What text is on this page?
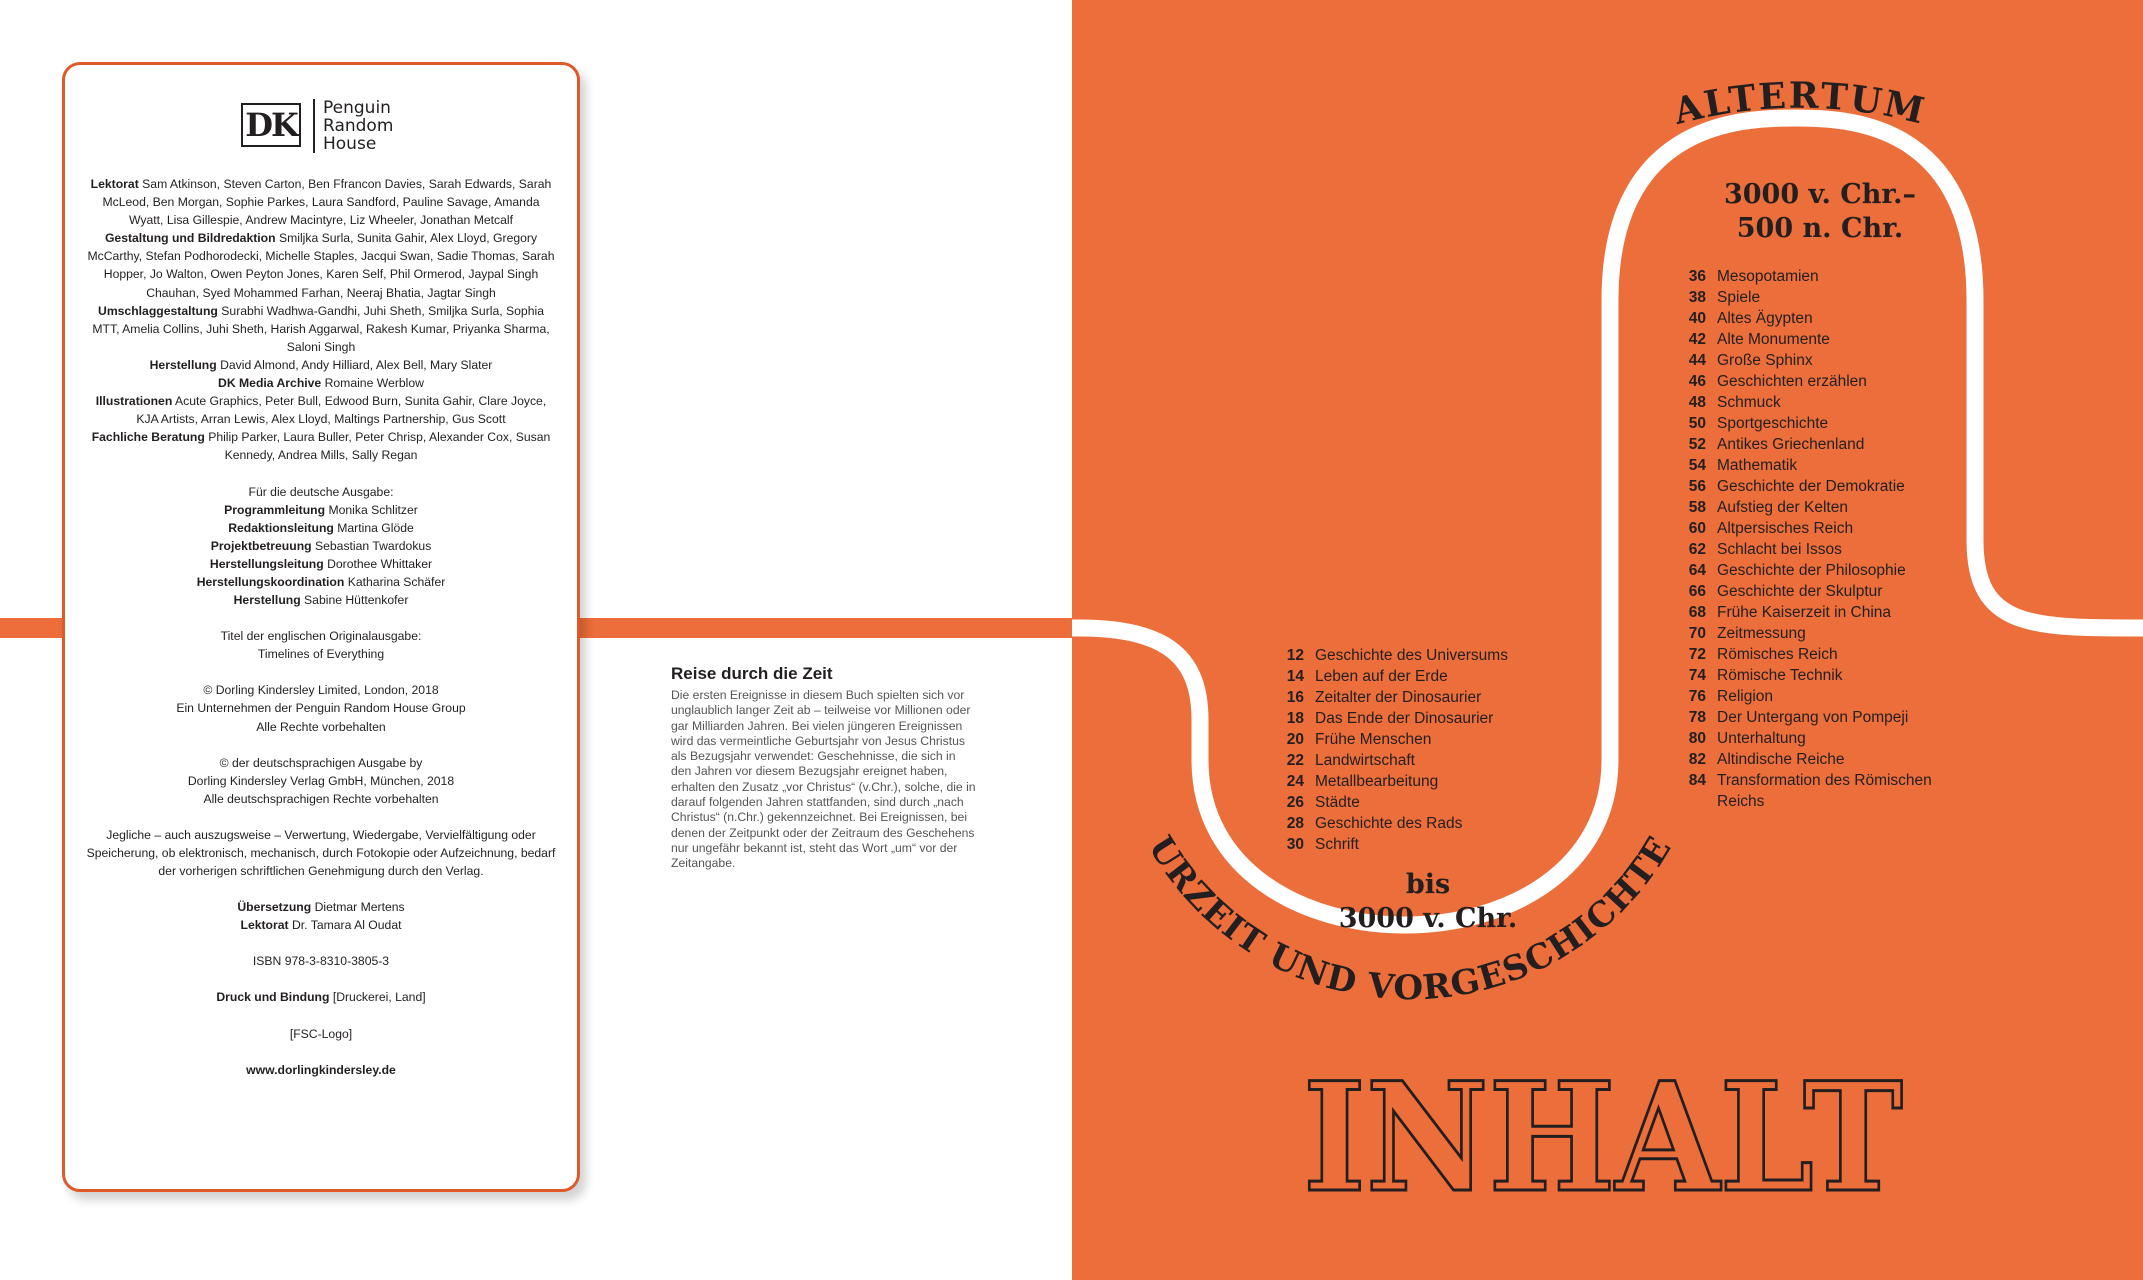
URZEIT UND VORGESCHICHTE
ALTERTUM
DK Penguin
Random
House

Lektorat Sam Atkinson, Steven Carton, Ben Ffrancon Davies, Sarah Edwards, Sarah McLeod, Ben Morgan, Sophie Parkes, Laura Sandford, Pauline Savage, Amanda Wyatt, Lisa Gillespie, Andrew Macintyre, Liz Wheeler, Jonathan Metcalf

Gestaltung und Bildredaktion Smiljka Surla, Sunita Gahir, Alex Lloyd, Gregory McCarthy, Stefan Podhorodecki, Michelle Staples, Jacqui Swan, Sadie Thomas, Sarah Hopper, Jo Walton, Owen Peyton Jones, Karen Self, Phil Ormerod, Jaypal Singh Chauhan, Syed Mohammed Farhan, Neeraj Bhatia, Jagtar Singh

Umschlaggestaltung Surabhi Wadhwa-Gandhi, Juhi Sheth, Smiljka Surla, Sophia MTT, Amelia Collins, Juhi Sheth, Harish Aggarwal, Rakesh Kumar, Priyanka Sharma, Saloni Singh

Herstellung David Almond, Andy Hilliard, Alex Bell, Mary Slater

DK Media Archive Romaine Werblow

Illustrationen Acute Graphics, Peter Bull, Edwood Burn, Sunita Gahir, Clare Joyce, KJA Artists, Arran Lewis, Alex Lloyd, Maltings Partnership, Gus Scott

Fachliche Beratung Philip Parker, Laura Buller, Peter Chrisp, Alexander Cox, Susan Kennedy, Andrea Mills, Sally Regan

Für die deutsche Ausgabe:

Programmleitung Monika Schlitzer

Redaktionsleitung Martina Glöde

Projektbetreuung Sebastian Twardokus

Herstellungsleitung Dorothee Whittaker

Herstellungskoordination Katharina Schäfer

Herstellung Sabine Hüttenkofer

Titel der englischen Originalausgabe:

Timelines of Everything

© Dorling Kindersley Limited, London, 2018

Ein Unternehmen der Penguin Random House Group

Alle Rechte vorbehalten

© der deutschsprachigen Ausgabe by

Dorling Kindersley Verlag GmbH, München, 2018

Alle deutschsprachigen Rechte vorbehalten

Jegliche – auch auszugsweise – Verwertung, Wiedergabe, Vervielfältigung oder Speicherung, ob elektronisch, mechanisch, durch Fotokopie oder Aufzeichnung, bedarf der vorherigen schriftlichen Genehmigung durch den Verlag.

Übersetzung Dietmar Mertens

Lektorat Dr. Tamara Al Oudat

ISBN 978-3-8310-3805-3

Druck und Bindung [Druckerei, Land]

[FSC-Logo]

www.dorlingkindersley.de

Reise durch die Zeit

Die ersten Ereignisse in diesem Buch spielten sich vor unglaublich langer Zeit ab – teilweise vor Millionen oder gar Milliarden Jahren. Bei vielen jüngeren Ereignissen wird das vermeintliche Geburtsjahr von Jesus Christus als Bezugsjahr verwendet: Geschehnisse, die sich in den Jahren vor diesem Bezugsjahr ereignet haben, erhalten den Zusatz „vor Christus“ (v.Chr.), solche, die in darauf folgenden Jahren stattfanden, sind durch „nach Christus“ (n.Chr.) gekennzeichnet. Bei Ereignissen, bei denen der Zeitpunkt oder der Zeitraum des Geschehens nur ungefähr bekannt ist, steht das Wort „um“ vor der Zeitangabe.

3000 v. Chr.–
500 n. Chr.
bis
3000 v. Chr.
12 Geschichte des Universums
14 Leben auf der Erde
16 Zeitalter der Dinosaurier
18 Das Ende der Dinosaurier
20 Frühe Menschen
22 Landwirtschaft
24 Metallbearbeitung
26 Städte
28 Geschichte des Rads
30 Schrift
36 Mesopotamien
38 Spiele
40 Altes Ägypten
42 Alte Monumente
44 Große Sphinx
46 Geschichten erzählen
48 Schmuck
50 Sportgeschichte
52 Antikes Griechenland
54 Mathematik
56 Geschichte der Demokratie
58 Aufstieg der Kelten
60 Altpersisches Reich
62 Schlacht bei Issos
64 Geschichte der Philosophie
66 Geschichte der Skulptur
68 Frühe Kaiserzeit in China
70 Zeitmessung
72 Römisches Reich
74 Römische Technik
76 Religion
78 Der Untergang von Pompeji
80 Unterhaltung
82 Altindische Reiche
84 Transformation des Römischen
Reichs
INHALT
